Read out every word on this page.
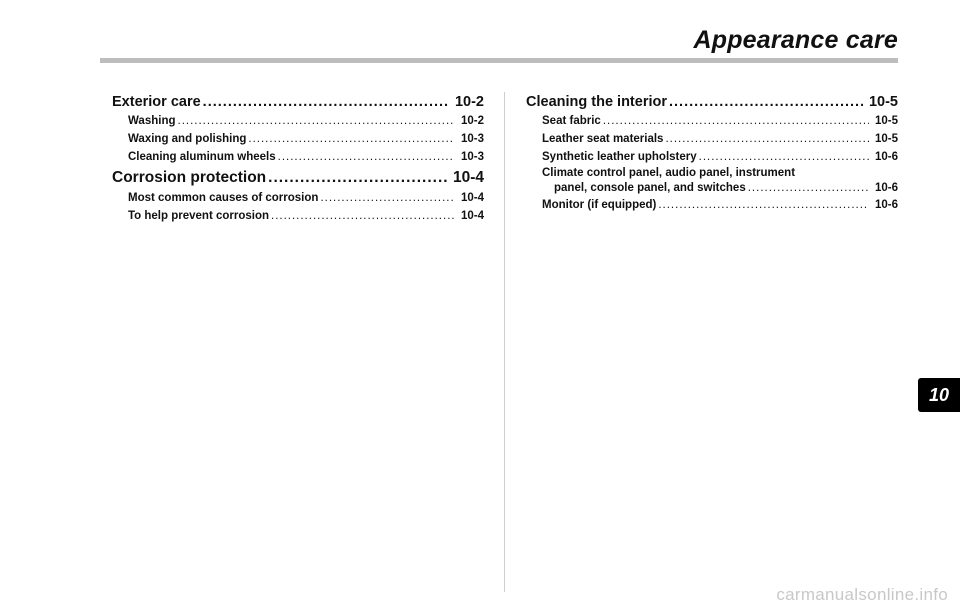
Appearance care
Exterior care .....	10-2
Washing .....	10-2
Waxing and polishing .....	10-3
Cleaning aluminum wheels .....	10-3
Corrosion protection .....	10-4
Most common causes of corrosion .....	10-4
To help prevent corrosion .....	10-4
Cleaning the interior .....	10-5
Seat fabric .....	10-5
Leather seat materials .....	10-5
Synthetic leather upholstery .....	10-6
Climate control panel, audio panel, instrument
panel, console panel, and switches .....	10-6
Monitor (if equipped) .....	10-6
10
carmanualsonline.info
